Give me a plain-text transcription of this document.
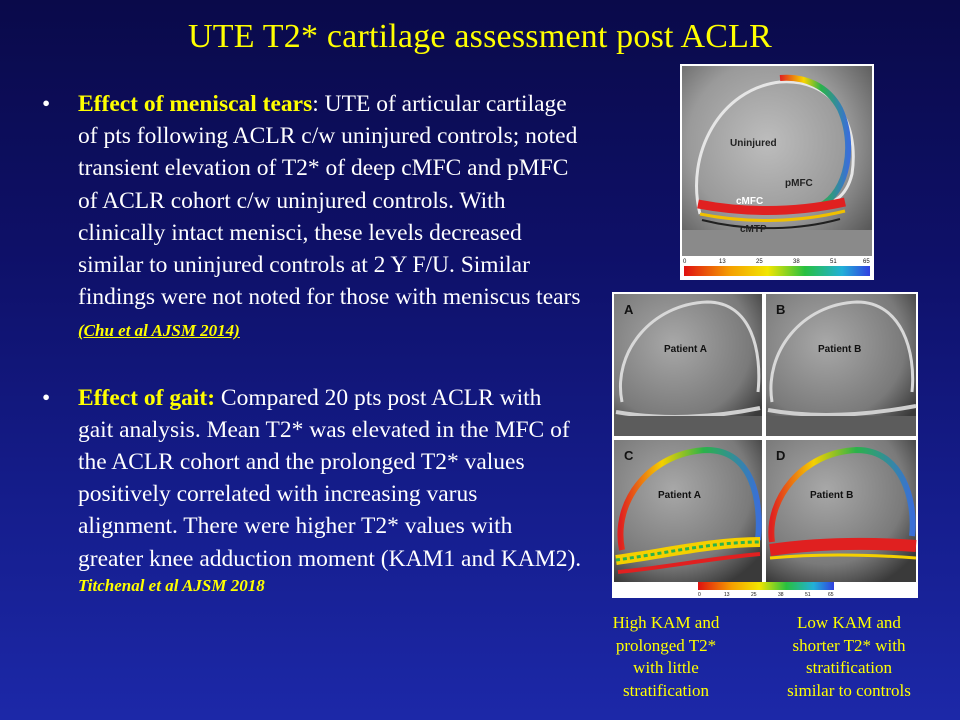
UTE T2* cartilage assessment post ACLR
• Effect of meniscal tears: UTE of articular cartilage of pts following ACLR c/w uninjured controls; noted transient elevation of T2* of deep cMFC and pMFC of ACLR cohort c/w uninjured controls. With clinically intact menisci, these levels decreased similar to uninjured controls at 2 Y F/U. Similar findings were not noted for those with meniscus tears (Chu et al AJSM 2014)
• Effect of gait: Compared 20 pts post ACLR with gait analysis. Mean T2* was elevated in the MFC of the ACLR cohort and the prolonged T2* values positively correlated with increasing varus alignment. There were higher T2* values with greater knee adduction moment (KAM1 and KAM2).
Titchenal et al AJSM 2018
Uninjured
pMFC
cMFC
cMTP
0	13	25	38	51	65
A
Patient A
B
Patient B
C
Patient A
D
Patient B
0	13	25	38	51	65
High KAM and
prolonged T2*
with little
stratification
Low KAM and
shorter T2* with
stratification
similar to controls
